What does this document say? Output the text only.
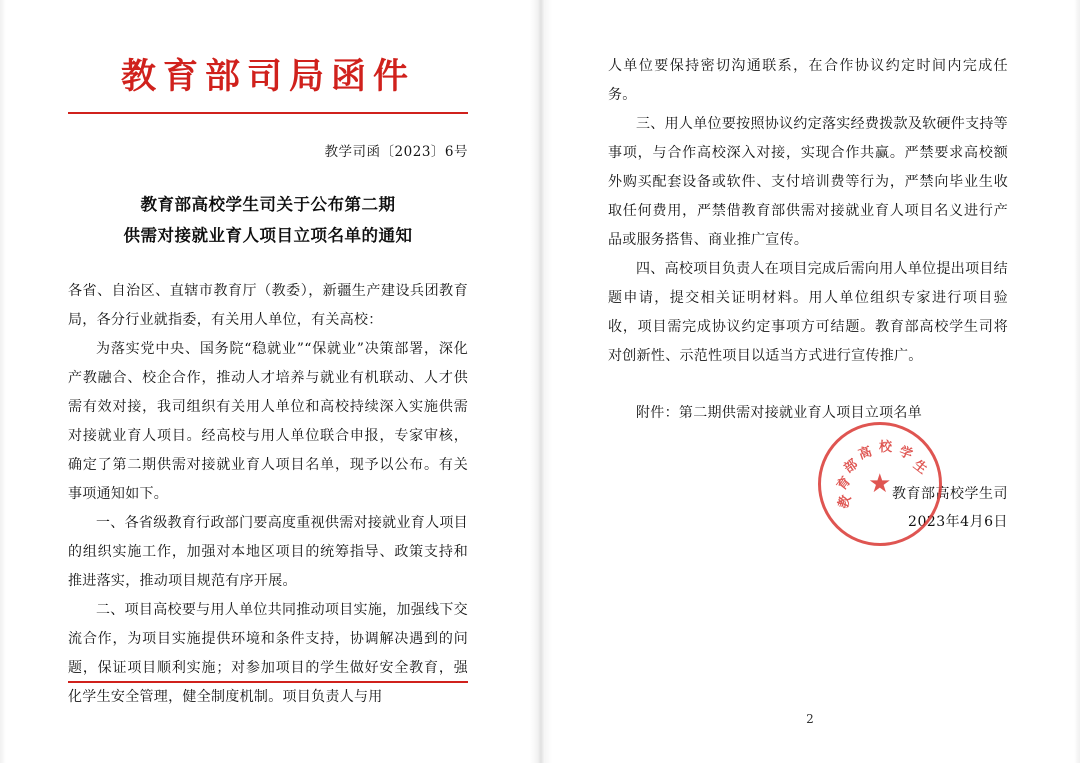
教育部司局函件
教学司函〔2023〕6号
教育部高校学生司关于公布第二期
供需对接就业育人项目立项名单的通知

各省、自治区、直辖市教育厅（教委），新疆生产建设兵团教育局，各分行业就指委，有关用人单位，有关高校：

为落实党中央、国务院“稳就业”“保就业”决策部署，深化产教融合、校企合作，推动人才培养与就业有机联动、人才供需有效对接，我司组织有关用人单位和高校持续深入实施供需对接就业育人项目。经高校与用人单位联合申报，专家审核，确定了第二期供需对接就业育人项目名单，现予以公布。有关事项通知如下。

一、各省级教育行政部门要高度重视供需对接就业育人项目的组织实施工作，加强对本地区项目的统筹指导、政策支持和推进落实，推动项目规范有序开展。

二、项目高校要与用人单位共同推动项目实施，加强线下交流合作，为项目实施提供环境和条件支持，协调解决遇到的问题，保证项目顺利实施；对参加项目的学生做好安全教育，强化学生安全管理，健全制度机制。项目负责人与用

人单位要保持密切沟通联系，在合作协议约定时间内完成任务。

三、用人单位要按照协议约定落实经费拨款及软硬件支持等事项，与合作高校深入对接，实现合作共赢。严禁要求高校额外购买配套设备或软件、支付培训费等行为，严禁向毕业生收取任何费用，严禁借教育部供需对接就业育人项目名义进行产品或服务搭售、商业推广宣传。

四、高校项目负责人在项目完成后需向用人单位提出项目结题申请，提交相关证明材料。用人单位组织专家进行项目验收，项目需完成协议约定事项方可结题。教育部高校学生司将对创新性、示范性项目以适当方式进行宣传推广。

附件：第二期供需对接就业育人项目立项名单
★
教
育
部
高 校 学
生
教育部高校学生司
2023年4月6日
2
